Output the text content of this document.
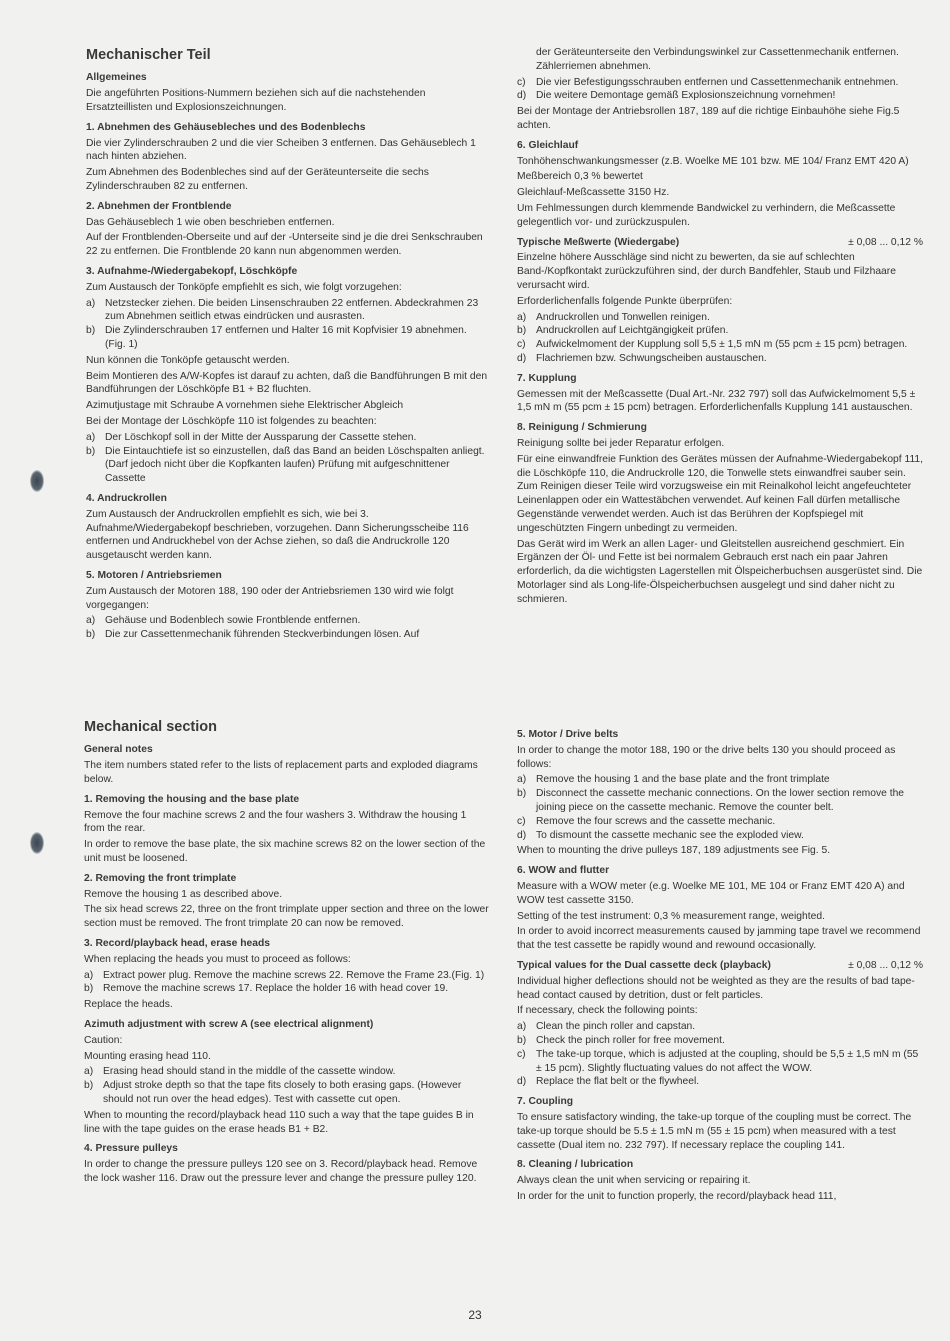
Mechanischer Teil
Allgemeines

Die angeführten Positions-Nummern beziehen sich auf die nachstehenden Ersatzteillisten und Explosionszeichnungen.

1. Abnehmen des Gehäusebleches und des Bodenblechs

Die vier Zylinderschrauben 2 und die vier Scheiben 3 entfernen. Das Gehäuseblech 1 nach hinten abziehen.

Zum Abnehmen des Bodenbleches sind auf der Geräteunterseite die sechs Zylinderschrauben 82 zu entfernen.

2. Abnehmen der Frontblende

Das Gehäuseblech 1 wie oben beschrieben entfernen.

Auf der Frontblenden-Oberseite und auf der -Unterseite sind je die drei Senkschrauben 22 zu entfernen. Die Frontblende 20 kann nun abgenommen werden.

3. Aufnahme-/Wiedergabekopf, Löschköpfe

Zum Austausch der Tonköpfe empfiehlt es sich, wie folgt vorzugehen:

a) Netzstecker ziehen. Die beiden Linsenschrauben 22 entfernen. Abdeckrahmen 23 zum Abnehmen seitlich etwas eindrücken und ausrasten.
b) Die Zylinderschrauben 17 entfernen und Halter 16 mit Kopfvisier 19 abnehmen. (Fig. 1)

Nun können die Tonköpfe getauscht werden.

Beim Montieren des A/W-Kopfes ist darauf zu achten, daß die Bandführungen B mit den Bandführungen der Löschköpfe B1 + B2 fluchten.

Azimutjustage mit Schraube A vornehmen siehe Elektrischer Abgleich

Bei der Montage der Löschköpfe 110 ist folgendes zu beachten:

a) Der Löschkopf soll in der Mitte der Aussparung der Cassette stehen.
b) Die Eintauchtiefe ist so einzustellen, daß das Band an beiden Löschspalten anliegt. (Darf jedoch nicht über die Kopfkanten laufen) Prüfung mit aufgeschnittener Cassette
4. Andruckrollen

Zum Austausch der Andruckrollen empfiehlt es sich, wie bei 3. Aufnahme/Wiedergabekopf beschrieben, vorzugehen. Dann Sicherungsscheibe 116 entfernen und Andruckhebel von der Achse ziehen, so daß die Andruckrolle 120 ausgetauscht werden kann.

5. Motoren / Antriebsriemen

Zum Austausch der Motoren 188, 190 oder der Antriebsriemen 130 wird wie folgt vorgegangen:

a) Gehäuse und Bodenblech sowie Frontblende entfernen.
b) Die zur Cassettenmechanik führenden Steckverbindungen lösen. Auf

der Geräteunterseite den Verbindungswinkel zur Cassettenmechanik entfernen. Zählerriemen abnehmen.

c) Die vier Befestigungsschrauben entfernen und Cassettenmechanik entnehmen.
d) Die weitere Demontage gemäß Explosionszeichnung vornehmen!

Bei der Montage der Antriebsrollen 187, 189 auf die richtige Einbauhöhe siehe Fig.5 achten.

6. Gleichlauf

Tonhöhenschwankungsmesser (z.B. Woelke ME 101 bzw. ME 104/ Franz EMT 420 A)

Meßbereich 0,3 % bewertet

Gleichlauf-Meßcassette 3150 Hz.

Um Fehlmessungen durch klemmende Bandwickel zu verhindern, die Meßcassette gelegentlich vor- und zurückzuspulen.

Typische Meßwerte (Wiedergabe)	± 0,08 ... 0,12 %

Einzelne höhere Ausschläge sind nicht zu bewerten, da sie auf schlechten Band-/Kopfkontakt zurückzuführen sind, der durch Bandfehler, Staub und Filzhaare verursacht wird.

Erforderlichenfalls folgende Punkte überprüfen:

a) Andruckrollen und Tonwellen reinigen.
b) Andruckrollen auf Leichtgängigkeit prüfen.
c) Aufwickelmoment der Kupplung soll 5,5 ± 1,5 mN m (55 pcm ± 15 pcm) betragen.
d) Flachriemen bzw. Schwungscheiben austauschen.
7. Kupplung

Gemessen mit der Meßcassette (Dual Art.-Nr. 232 797) soll das Aufwickelmoment 5,5 ± 1,5 mN m (55 pcm ± 15 pcm) betragen. Erforderlichenfalls Kupplung 141 austauschen.

8. Reinigung / Schmierung

Reinigung sollte bei jeder Reparatur erfolgen.

Für eine einwandfreie Funktion des Gerätes müssen der Aufnahme-Wiedergabekopf 111, die Löschköpfe 110, die Andruckrolle 120, die Tonwelle stets einwandfrei sauber sein. Zum Reinigen dieser Teile wird vorzugsweise ein mit Reinalkohol leicht angefeuchteter Leinenlappen oder ein Wattestäbchen verwendet. Auf keinen Fall dürfen metallische Gegenstände verwendet werden. Auch ist das Berühren der Kopfspiegel mit ungeschützten Fingern unbedingt zu vermeiden.

Das Gerät wird im Werk an allen Lager- und Gleitstellen ausreichend geschmiert. Ein Ergänzen der Öl- und Fette ist bei normalem Gebrauch erst nach ein paar Jahren erforderlich, da die wichtigsten Lagerstellen mit Ölspeicherbuchsen ausgerüstet sind. Die Motorlager sind als Long-life-Ölspeicherbuchsen ausgelegt und sind daher nicht zu schmieren.

Mechanical section
General notes

The item numbers stated refer to the lists of replacement parts and exploded diagrams below.

1. Removing the housing and the base plate

Remove the four machine screws 2 and the four washers 3. Withdraw the housing 1 from the rear.

In order to remove the base plate, the six machine screws 82 on the lower section of the unit must be loosened.

2. Removing the front trimplate

Remove the housing 1 as described above.

The six head screws 22, three on the front trimplate upper section and three on the lower section must be removed. The front trimplate 20 can now be removed.

3. Record/playback head, erase heads

When replacing the heads you must to proceed as follows:

a) Extract power plug. Remove the machine screws 22. Remove the Frame 23.(Fig. 1)
b) Remove the machine screws 17. Replace the holder 16 with head cover 19.

Replace the heads.

Azimuth adjustment with screw A (see electrical alignment)

Caution:

Mounting erasing head 110.

a) Erasing head should stand in the middle of the cassette window.
b) Adjust stroke depth so that the tape fits closely to both erasing gaps. (However should not run over the head edges). Test with cassette cut open.

When to mounting the record/playback head 110 such a way that the tape guides B in line with the tape guides on the erase heads B1 + B2.

4. Pressure pulleys

In order to change the pressure pulleys 120 see on 3. Record/playback head. Remove the lock washer 116. Draw out the pressure lever and change the pressure pulley 120.

5. Motor / Drive belts

In order to change the motor 188, 190 or the drive belts 130 you should proceed as follows:

a) Remove the housing 1 and the base plate and the front trimplate
b) Disconnect the cassette mechanic connections. On the lower section remove the joining piece on the cassette mechanic. Remove the counter belt.
c) Remove the four screws and the cassette mechanic.
d) To dismount the cassette mechanic see the exploded view.

When to mounting the drive pulleys 187, 189 adjustments see Fig. 5.

6. WOW and flutter

Measure with a WOW meter (e.g. Woelke ME 101, ME 104 or Franz EMT 420 A) and WOW test cassette 3150.

Setting of the test instrument: 0,3 % measurement range, weighted.

In order to avoid incorrect measurements caused by jamming tape travel we recommend that the test cassette be rapidly wound and rewound occasionally.

Typical values for the Dual cassette deck (playback)	± 0,08 ... 0,12 %

Individual higher deflections should not be weighted as they are the results of bad tape-head contact caused by detrition, dust or felt particles.

If necessary, check the following points:

a) Clean the pinch roller and capstan.
b) Check the pinch roller for free movement.
c) The take-up torque, which is adjusted at the coupling, should be 5,5 ± 1,5 mN m (55 ± 15 pcm). Slightly fluctuating values do not affect the WOW.
d) Replace the flat belt or the flywheel.
7. Coupling

To ensure satisfactory winding, the take-up torque of the coupling must be correct. The take-up torque should be 5.5 ± 1.5 mN m (55 ± 15 pcm) when measured with a test cassette (Dual item no. 232 797). If necessary replace the coupling 141.

8. Cleaning / lubrication

Always clean the unit when servicing or repairing it.

In order for the unit to function properly, the record/playback head 111,

23
